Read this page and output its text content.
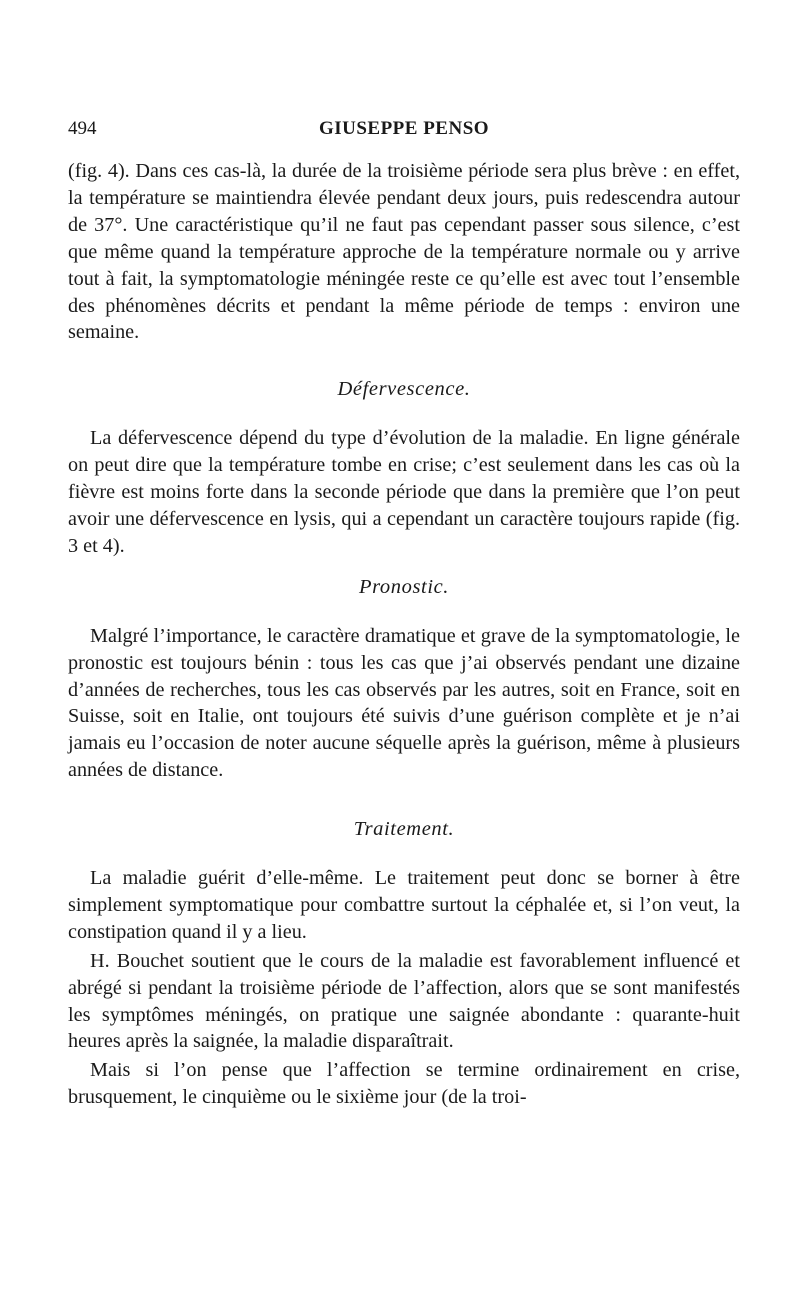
494	GIUSEPPE PENSO

(fig. 4). Dans ces cas-là, la durée de la troisième période sera plus brève : en effet, la température se maintiendra élevée pendant deux jours, puis redescendra autour de 37°. Une caractéristique qu’il ne faut pas cependant passer sous silence, c’est que même quand la température approche de la température normale ou y arrive tout à fait, la symptomatologie méningée reste ce qu’elle est avec tout l’ensemble des phénomènes décrits et pendant la même période de temps : environ une semaine.

Défervescence.

La défervescence dépend du type d’évolution de la maladie. En ligne générale on peut dire que la température tombe en crise; c’est seulement dans les cas où la fièvre est moins forte dans la seconde période que dans la première que l’on peut avoir une défervescence en lysis, qui a cependant un caractère toujours rapide (fig. 3 et 4).

Pronostic.

Malgré l’importance, le caractère dramatique et grave de la symptomatologie, le pronostic est toujours bénin : tous les cas que j’ai observés pendant une dizaine d’années de recherches, tous les cas observés par les autres, soit en France, soit en Suisse, soit en Italie, ont toujours été suivis d’une guérison complète et je n’ai jamais eu l’occasion de noter aucune séquelle après la guérison, même à plusieurs années de distance.

Traitement.

La maladie guérit d’elle-même. Le traitement peut donc se borner à être simplement symptomatique pour combattre surtout la céphalée et, si l’on veut, la constipation quand il y a lieu.

H. Bouchet soutient que le cours de la maladie est favorablement influencé et abrégé si pendant la troisième période de l’affection, alors que se sont manifestés les symptômes méningés, on pratique une saignée abondante : quarante-huit heures après la saignée, la maladie disparaîtrait.

Mais si l’on pense que l’affection se termine ordinairement en crise, brusquement, le cinquième ou le sixième jour (de la troi-
